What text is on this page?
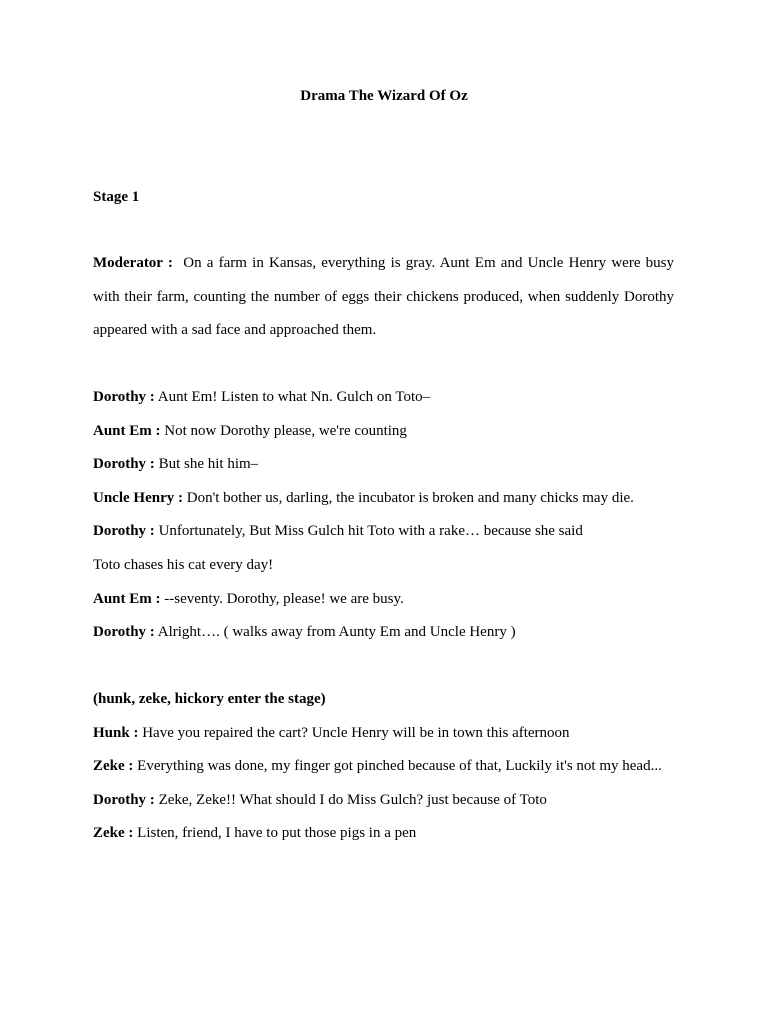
Drama The Wizard Of Oz

Stage 1

Moderator : On a farm in Kansas, everything is gray. Aunt Em and Uncle Henry were busy with their farm, counting the number of eggs their chickens produced, when suddenly Dorothy appeared with a sad face and approached them.

Dorothy : Aunt Em! Listen to what Nn. Gulch on Toto–

Aunt Em : Not now Dorothy please, we're counting

Dorothy : But she hit him–

Uncle Henry : Don't bother us, darling, the incubator is broken and many chicks may die.

Dorothy : Unfortunately, But Miss Gulch hit Toto with a rake… because she said

Toto chases his cat every day!

Aunt Em : --seventy. Dorothy, please! we are busy.

Dorothy : Alright…. ( walks away from Aunty Em and Uncle Henry )

(hunk, zeke, hickory enter the stage)

Hunk : Have you repaired the cart? Uncle Henry will be in town this afternoon

Zeke : Everything was done, my finger got pinched because of that, Luckily it's not my head...

Dorothy : Zeke, Zeke!! What should I do Miss Gulch? just because of Toto

Zeke : Listen, friend, I have to put those pigs in a pen
